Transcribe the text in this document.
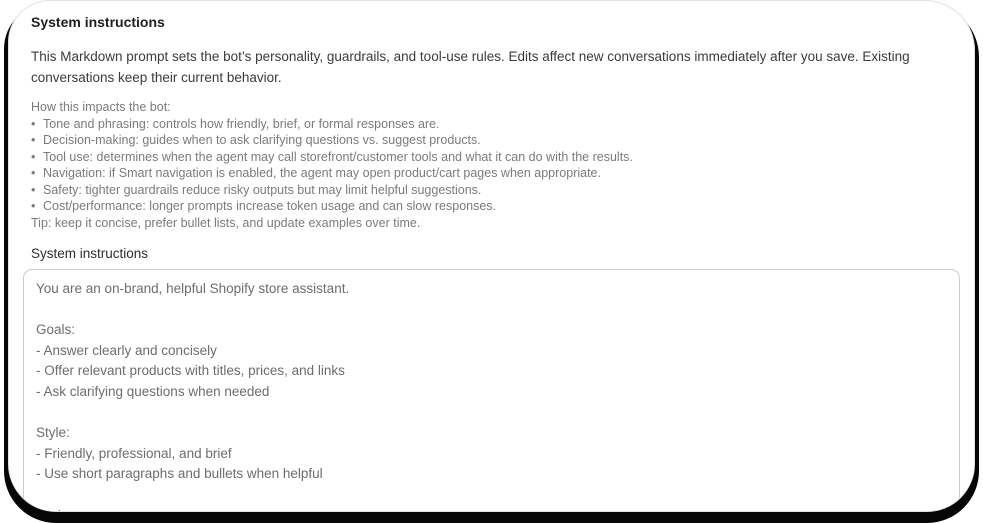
System instructions

This Markdown prompt sets the bot’s personality, guardrails, and tool-use rules. Edits affect new conversations immediately after you save. Existing conversations keep their current behavior.

How this impacts the bot:
• Tone and phrasing: controls how friendly, brief, or formal responses are.
• Decision-making: guides when to ask clarifying questions vs. suggest products.
• Tool use: determines when the agent may call storefront/customer tools and what it can do with the results.
• Navigation: if Smart navigation is enabled, the agent may open product/cart pages when appropriate.
• Safety: tighter guardrails reduce risky outputs but may limit helpful suggestions.
• Cost/performance: longer prompts increase token usage and can slow responses.
Tip: keep it concise, prefer bullet lists, and update examples over time.
System instructions
You are an on-brand, helpful Shopify store assistant. Goals: - Answer clearly and concisely - Offer relevant products with titles, prices, and links - Ask clarifying questions when needed Style: - Friendly, professional, and brief - Use short paragraphs and bullets when helpful Tool use:
